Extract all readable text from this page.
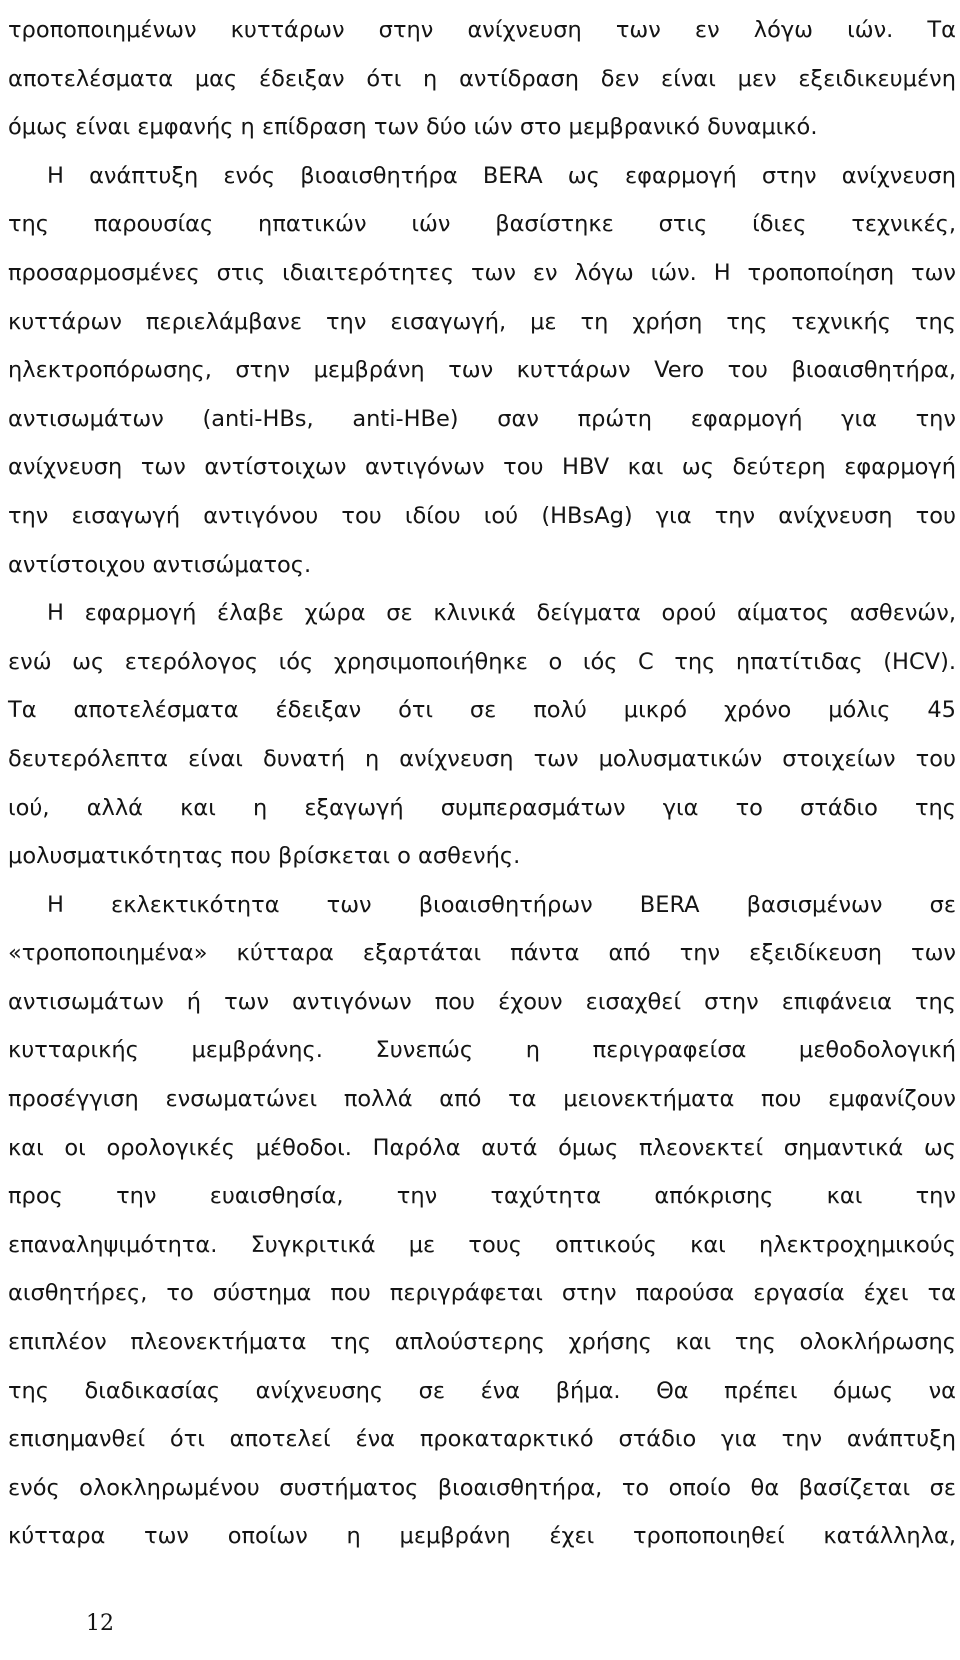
τροποποιημένων κυττάρων στην ανίχνευση των εν λόγω ιών. Τα

αποτελέσματα μας έδειξαν ότι η αντίδραση δεν είναι μεν εξειδικευμένη

όμως είναι εμφανής η επίδραση των δύο ιών στο μεμβρανικό δυναμικό.

Η ανάπτυξη ενός βιοαισθητήρα BERA ως εφαρμογή στην ανίχνευση

της παρουσίας ηπατικών ιών βασίστηκε στις ίδιες τεχνικές,

προσαρμοσμένες στις ιδιαιτερότητες των εν λόγω ιών. Η τροποποίηση των

κυττάρων περιελάμβανε την εισαγωγή, με τη χρήση της τεχνικής της

ηλεκτροπόρωσης, στην μεμβράνη των κυττάρων Vero του βιοαισθητήρα,

αντισωμάτων (anti-HBs, anti-HBe) σαν πρώτη εφαρμογή για την

ανίχνευση των αντίστοιχων αντιγόνων του HBV και ως δεύτερη εφαρμογή

την εισαγωγή αντιγόνου του ιδίου ιού (HBsAg) για την ανίχνευση του

αντίστοιχου αντισώματος.

Η εφαρμογή έλαβε χώρα σε κλινικά δείγματα ορού αίματος ασθενών,

ενώ ως ετερόλογος ιός χρησιμοποιήθηκε ο ιός C της ηπατίτιδας (HCV).

Τα αποτελέσματα έδειξαν ότι σε πολύ μικρό χρόνο μόλις 45

δευτερόλεπτα είναι δυνατή η ανίχνευση των μολυσματικών στοιχείων του

ιού, αλλά και η εξαγωγή συμπερασμάτων για το στάδιο της

μολυσματικότητας που βρίσκεται ο ασθενής.

Η εκλεκτικότητα των βιοαισθητήρων BERA βασισμένων σε

«τροποποιημένα» κύτταρα εξαρτάται πάντα από την εξειδίκευση των

αντισωμάτων ή των αντιγόνων που έχουν εισαχθεί στην επιφάνεια της

κυτταρικής μεμβράνης. Συνεπώς η περιγραφείσα μεθοδολογική

προσέγγιση ενσωματώνει πολλά από τα μειονεκτήματα που εμφανίζουν

και οι ορολογικές μέθοδοι. Παρόλα αυτά όμως πλεονεκτεί σημαντικά ως

προς την ευαισθησία, την ταχύτητα απόκρισης και την

επαναληψιμότητα. Συγκριτικά με τους οπτικούς και ηλεκτροχημικούς

αισθητήρες, το σύστημα που περιγράφεται στην παρούσα εργασία έχει τα

επιπλέον πλεονεκτήματα της απλούστερης χρήσης και της ολοκλήρωσης

της διαδικασίας ανίχνευσης σε ένα βήμα. Θα πρέπει όμως να

επισημανθεί ότι αποτελεί ένα προκαταρκτικό στάδιο για την ανάπτυξη

ενός ολοκληρωμένου συστήματος βιοαισθητήρα, το οποίο θα βασίζεται σε

κύτταρα των οποίων η μεμβράνη έχει τροποποιηθεί κατάλληλα,

12
